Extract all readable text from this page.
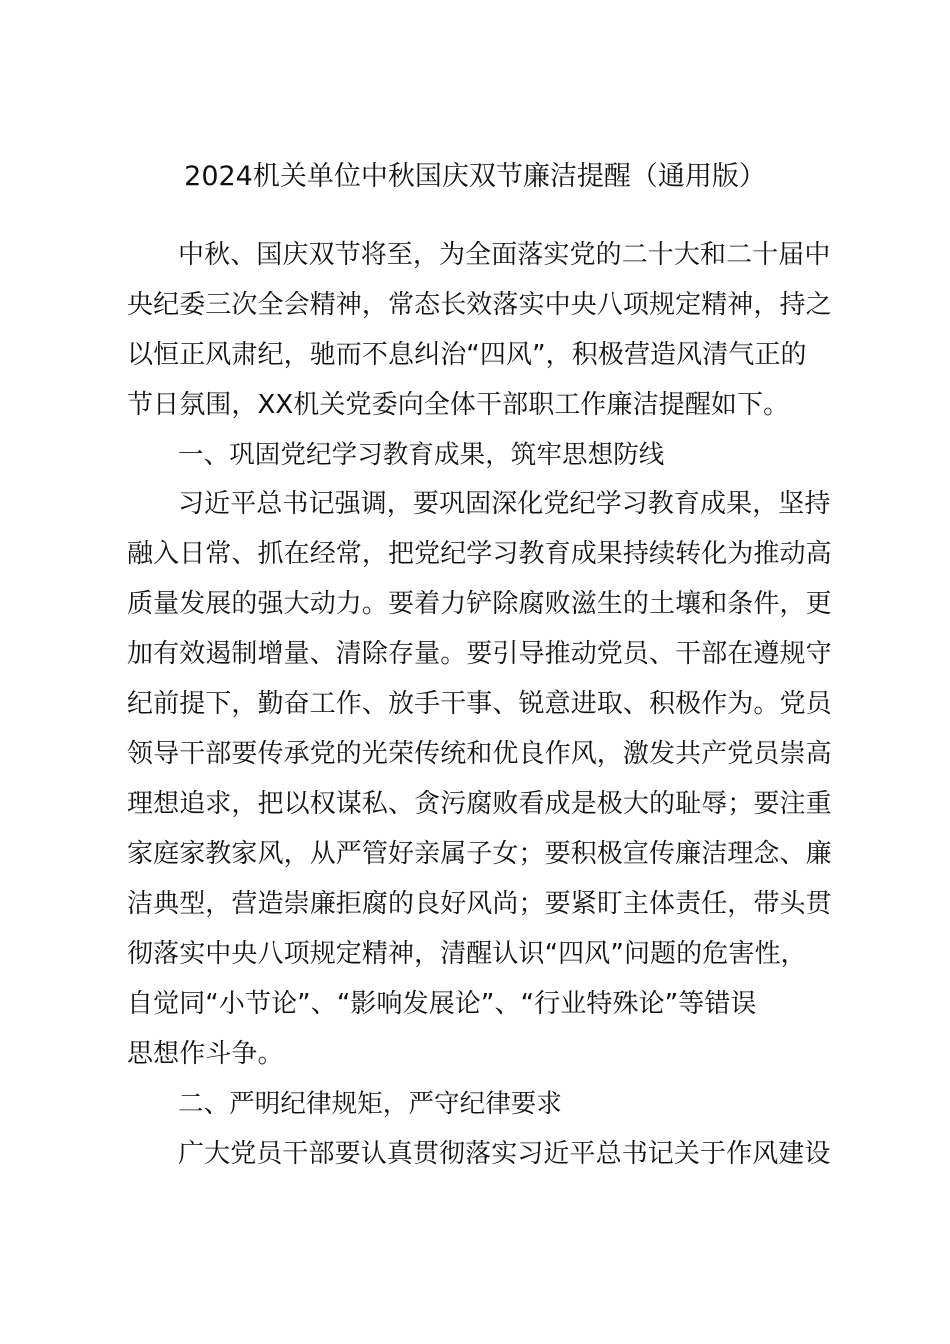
2024机关单位中秋国庆双节廉洁提醒（通用版）
中秋、国庆双节将至，为全面落实党的二十大和二十届中
央纪委三次全会精神，常态长效落实中央八项规定精神，持之
以恒正风肃纪，驰而不息纠治“四风”，积极营造风清气正的
节日氛围，XX机关党委向全体干部职工作廉洁提醒如下。
一、巩固党纪学习教育成果，筑牢思想防线
习近平总书记强调，要巩固深化党纪学习教育成果，坚持
融入日常、抓在经常，把党纪学习教育成果持续转化为推动高
质量发展的强大动力。要着力铲除腐败滋生的土壤和条件，更
加有效遏制增量、清除存量。要引导推动党员、干部在遵规守
纪前提下，勤奋工作、放手干事、锐意进取、积极作为。党员
领导干部要传承党的光荣传统和优良作风，激发共产党员崇高
理想追求，把以权谋私、贪污腐败看成是极大的耻辱；要注重
家庭家教家风，从严管好亲属子女；要积极宣传廉洁理念、廉
洁典型，营造崇廉拒腐的良好风尚；要紧盯主体责任，带头贯
彻落实中央八项规定精神，清醒认识“四风”问题的危害性，
自觉同“小节论”、“影响发展论”、“行业特殊论”等错误
思想作斗争。
二、严明纪律规矩，严守纪律要求
广大党员干部要认真贯彻落实习近平总书记关于作风建设
